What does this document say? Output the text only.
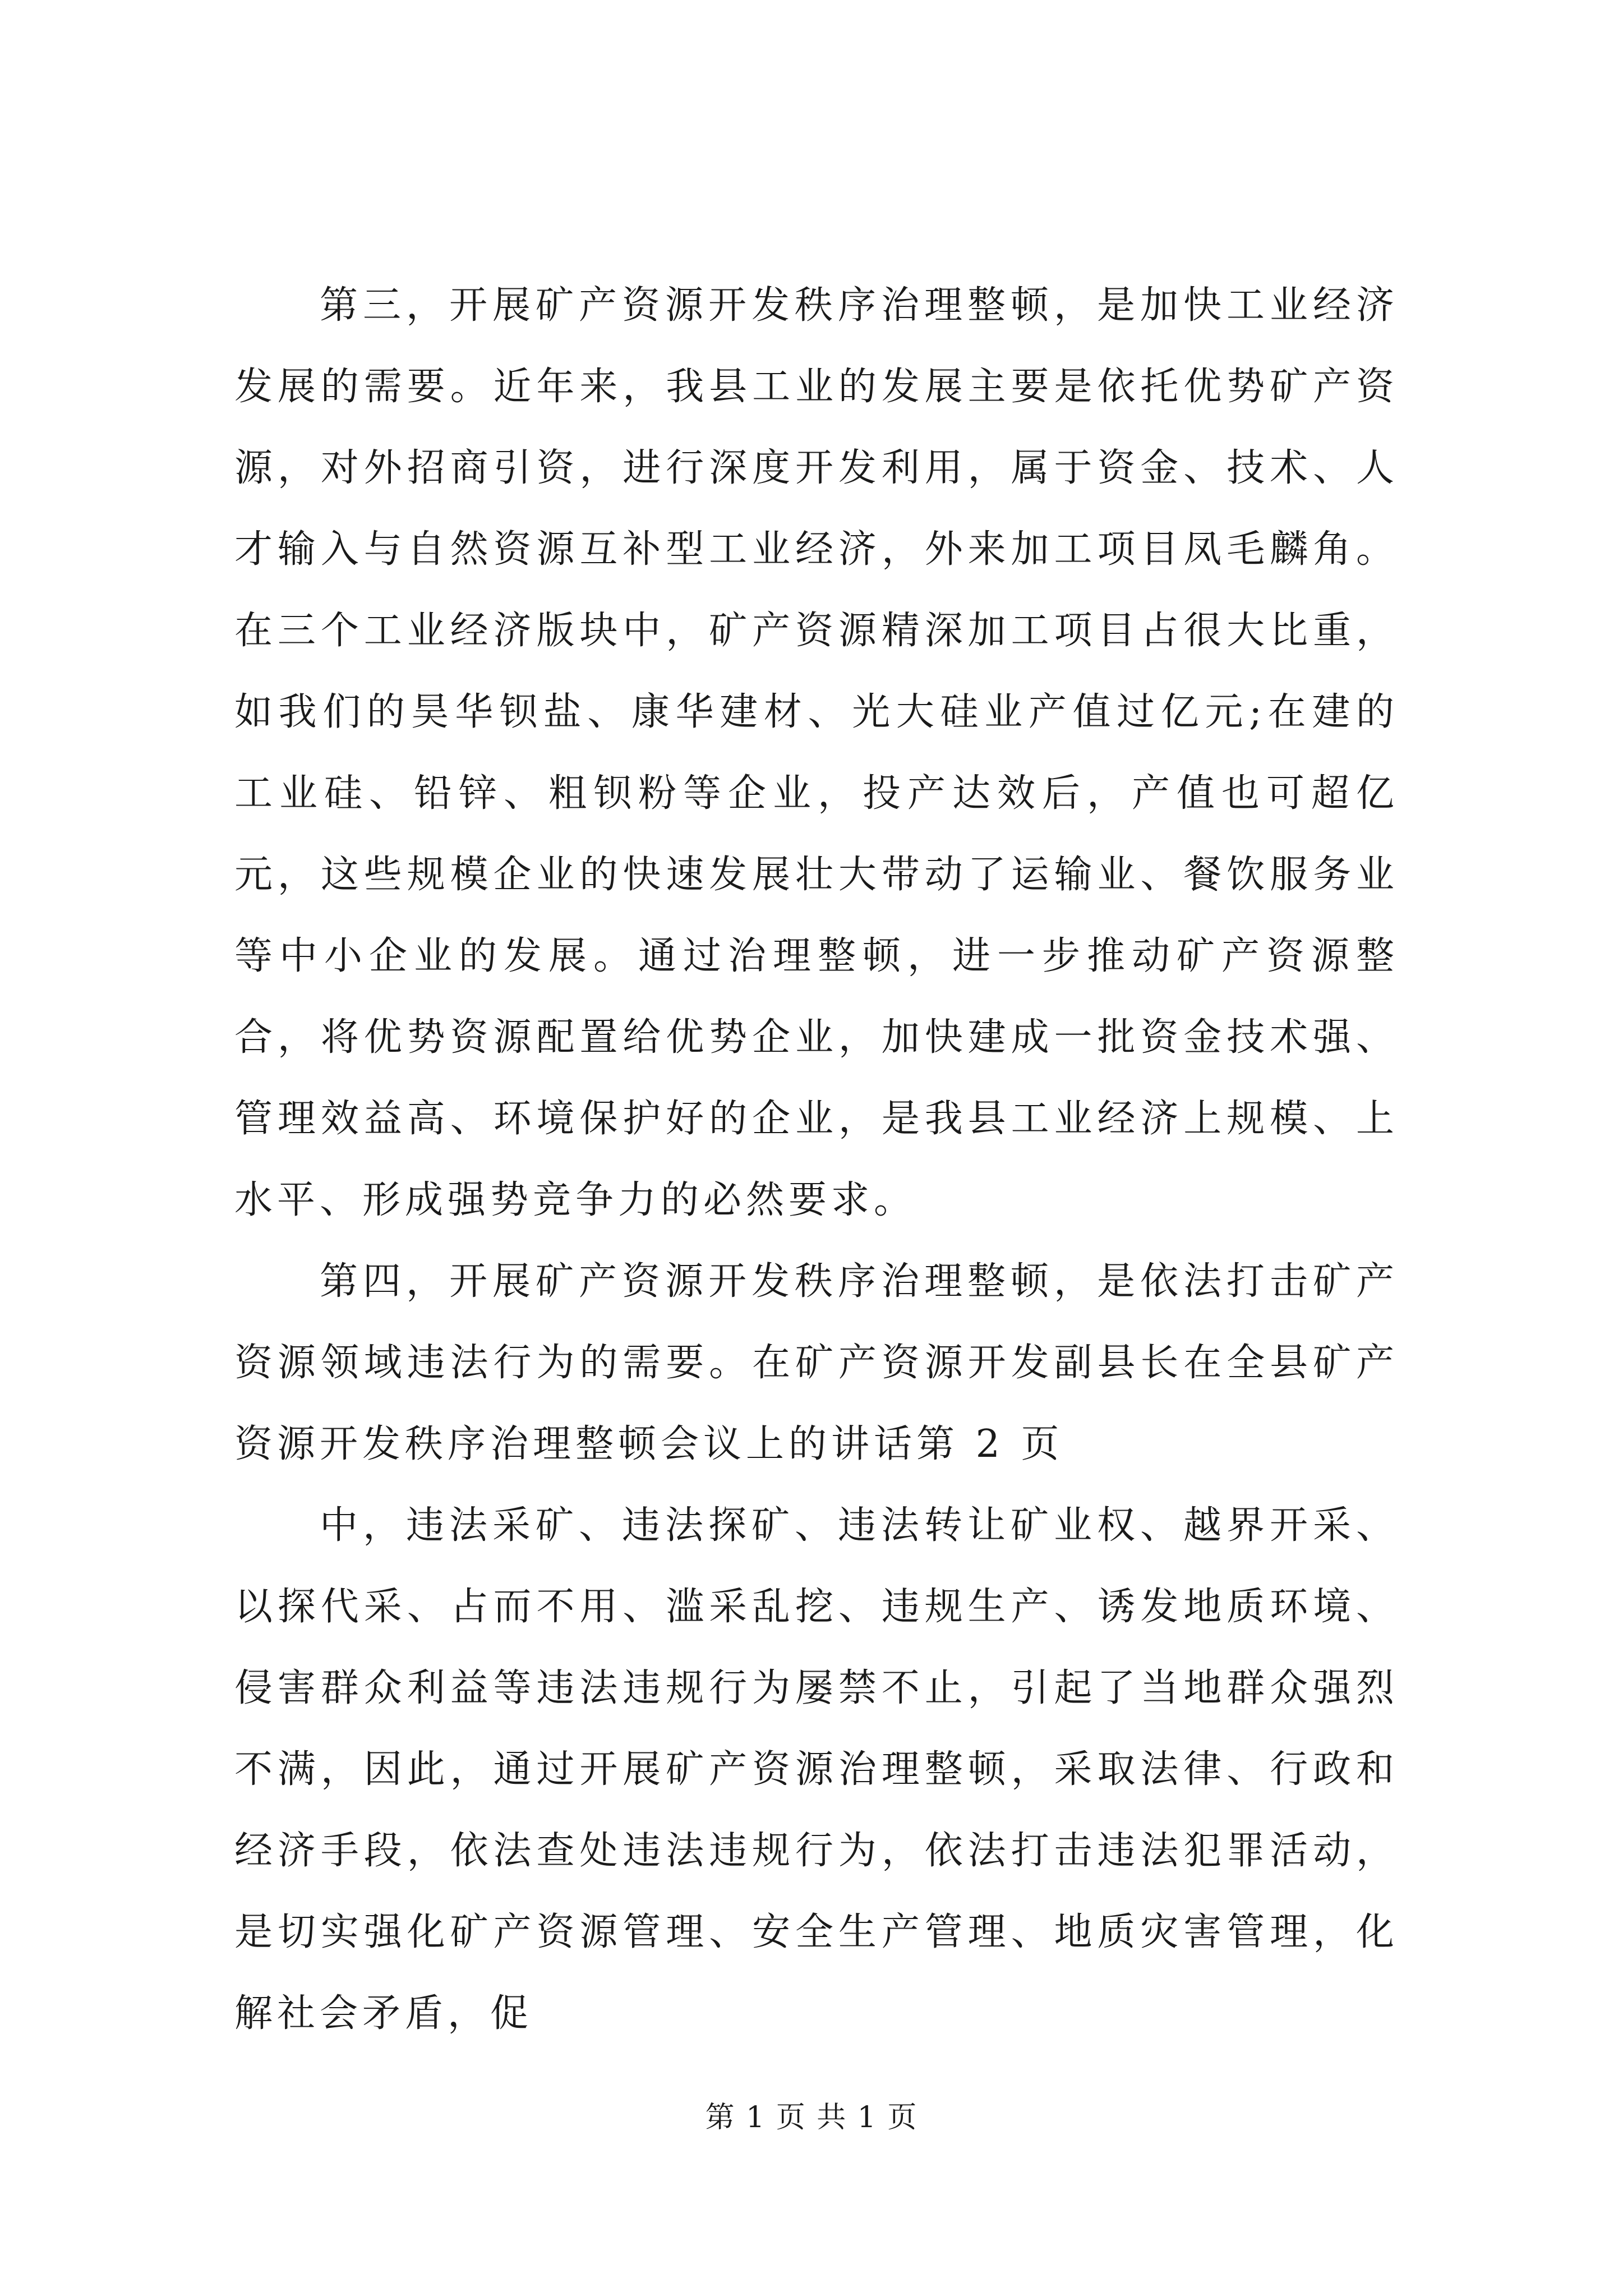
第三，开展矿产资源开发秩序治理整顿，是加快工业经济发展的需要。近年来，我县工业的发展主要是依托优势矿产资源，对外招商引资，进行深度开发利用，属于资金、技术、人才输入与自然资源互补型工业经济，外来加工项目凤毛麟角。在三个工业经济版块中，矿产资源精深加工项目占很大比重，如我们的昊华钡盐、康华建材、光大硅业产值过亿元;在建的工业硅、铅锌、粗钡粉等企业，投产达效后，产值也可超亿元，这些规模企业的快速发展壮大带动了运输业、餐饮服务业等中小企业的发展。通过治理整顿，进一步推动矿产资源整合，将优势资源配置给优势企业，加快建成一批资金技术强、管理效益高、环境保护好的企业，是我县工业经济上规模、上水平、形成强势竞争力的必然要求。

第四，开展矿产资源开发秩序治理整顿，是依法打击矿产资源领域违法行为的需要。在矿产资源开发副县长在全县矿产资源开发秩序治理整顿会议上的讲话第 2 页

中，违法采矿、违法探矿、违法转让矿业权、越界开采、以探代采、占而不用、滥采乱挖、违规生产、诱发地质环境、侵害群众利益等违法违规行为屡禁不止，引起了当地群众强烈不满，因此，通过开展矿产资源治理整顿，采取法律、行政和经济手段，依法查处违法违规行为，依法打击违法犯罪活动，是切实强化矿产资源管理、安全生产管理、地质灾害管理，化解社会矛盾，促

第 1 页 共 1 页
